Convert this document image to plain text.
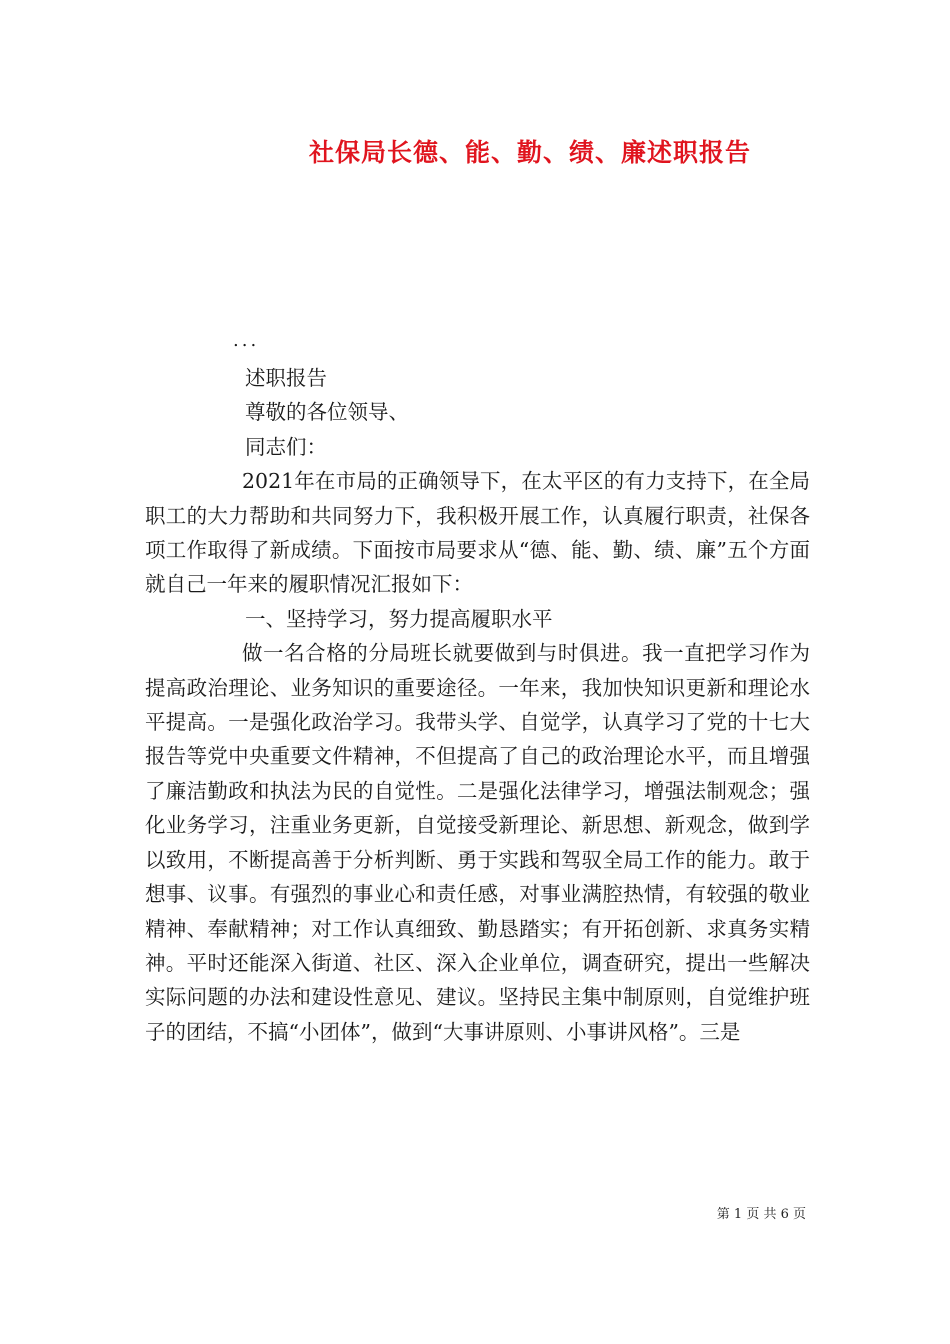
社保局长德、能、勤、绩、廉述职报告

...

述职报告

尊敬的各位领导、

同志们：

2021年在市局的正确领导下，在太平区的有力支持下，在全局职工的大力帮助和共同努力下，我积极开展工作，认真履行职责，社保各项工作取得了新成绩。下面按市局要求从“德、能、勤、绩、廉”五个方面就自己一年来的履职情况汇报如下：

一、坚持学习，努力提高履职水平

做一名合格的分局班长就要做到与时俱进。我一直把学习作为提高政治理论、业务知识的重要途径。一年来，我加快知识更新和理论水平提高。一是强化政治学习。我带头学、自觉学，认真学习了党的十七大报告等党中央重要文件精神，不但提高了自己的政治理论水平，而且增强了廉洁勤政和执法为民的自觉性。二是强化法律学习，增强法制观念；强化业务学习，注重业务更新，自觉接受新理论、新思想、新观念，做到学以致用，不断提高善于分析判断、勇于实践和驾驭全局工作的能力。敢于想事、议事。有强烈的事业心和责任感，对事业满腔热情，有较强的敬业精神、奉献精神；对工作认真细致、勤恳踏实；有开拓创新、求真务实精神。平时还能深入街道、社区、深入企业单位，调查研究，提出一些解决实际问题的办法和建设性意见、建议。坚持民主集中制原则，自觉维护班子的团结，不搞“小团体”，做到“大事讲原则、小事讲风格”。三是

第 1 页 共 6 页
